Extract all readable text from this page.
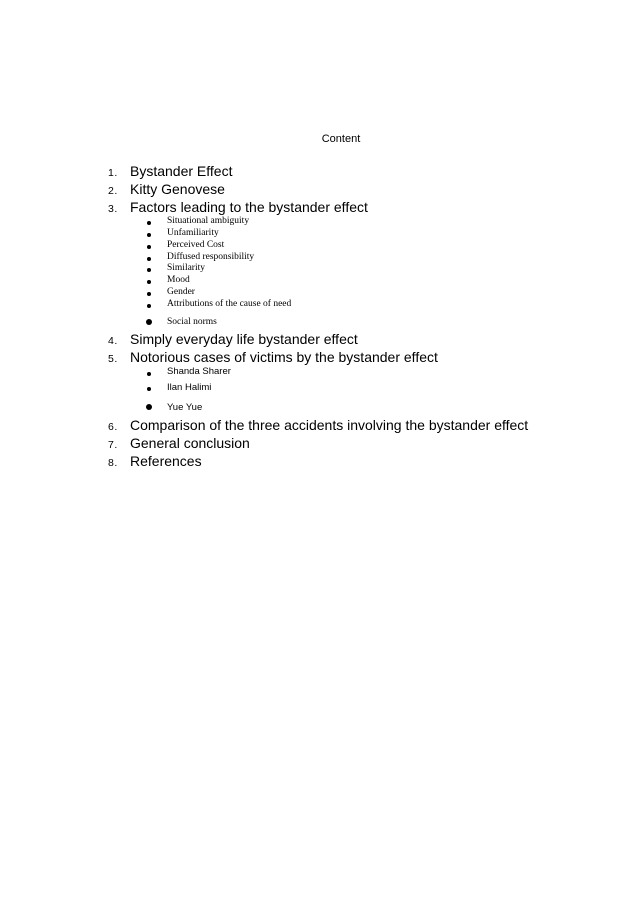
Content
1. Bystander Effect
2. Kitty Genovese
3. Factors leading to the bystander effect
Situational ambiguity
Unfamiliarity
Perceived Cost
Diffused responsibility
Similarity
Mood
Gender
Attributions of the cause of need
Social norms
4. Simply everyday life bystander effect
5. Notorious cases of victims by the bystander effect
Shanda Sharer
Ilan Halimi
Yue Yue
6. Comparison of the three accidents involving the bystander effect
7. General conclusion
8. References
